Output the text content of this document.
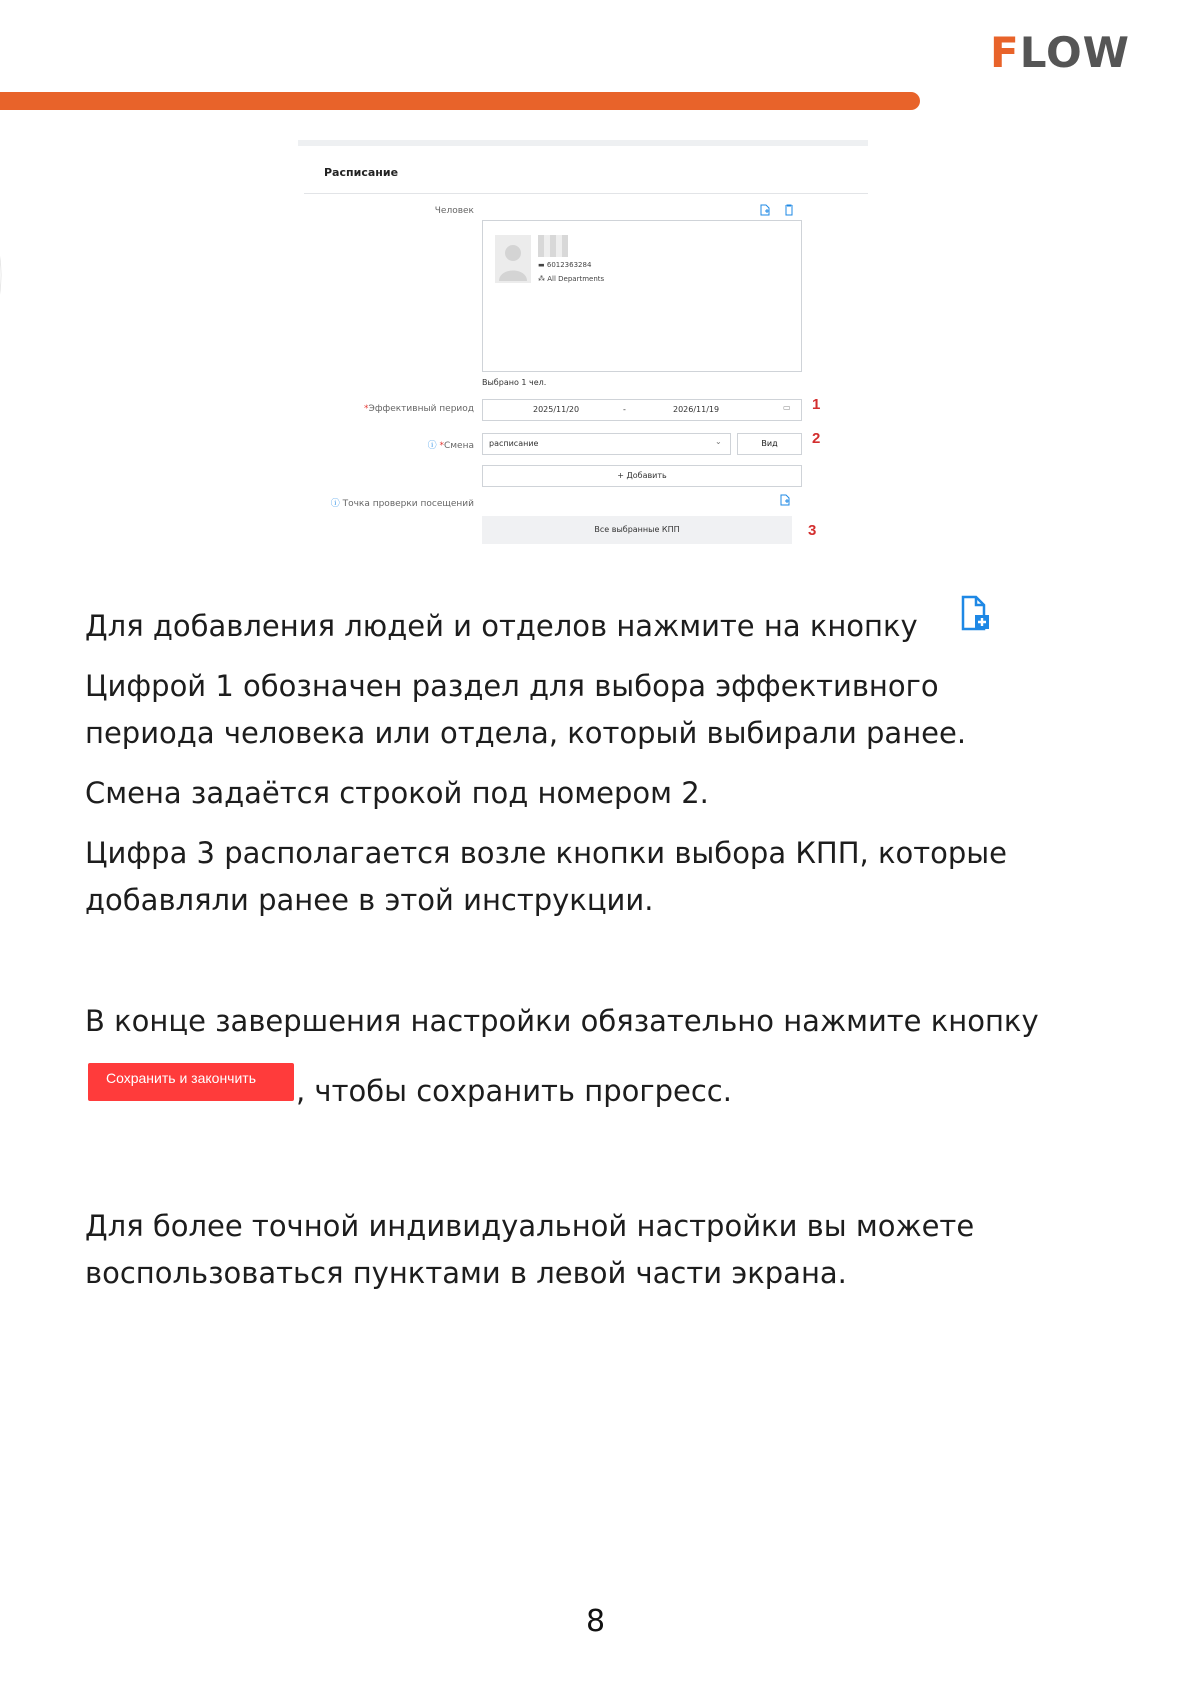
FLOW
Расписание
Человек
▬ 6012363284
⁂ All Departments
Выбрано 1 чел.
*Эффективный период	2025/11/20	-	2026/11/19	▭ 1
ⓘ *Смена расписание	⌄	Вид	2
+ Добавить
ⓘ Точка проверки посещений
Все выбранные КПП	3
Для добавления людей и отделов нажмите на кнопку
Цифрой 1 обозначен раздел для выбора эффективного
периода человека или отдела, который выбирали ранее.
Смена задаётся строкой под номером 2.
Цифра 3 располагается возле кнопки выбора КПП, которые
добавляли ранее в этой инструкции.
В конце завершения настройки обязательно нажмите кнопку
Сохранить и закончить	, чтобы сохранить прогресс.
Для более точной индивидуальной настройки вы можете
воспользоваться пунктами в левой части экрана.
8
